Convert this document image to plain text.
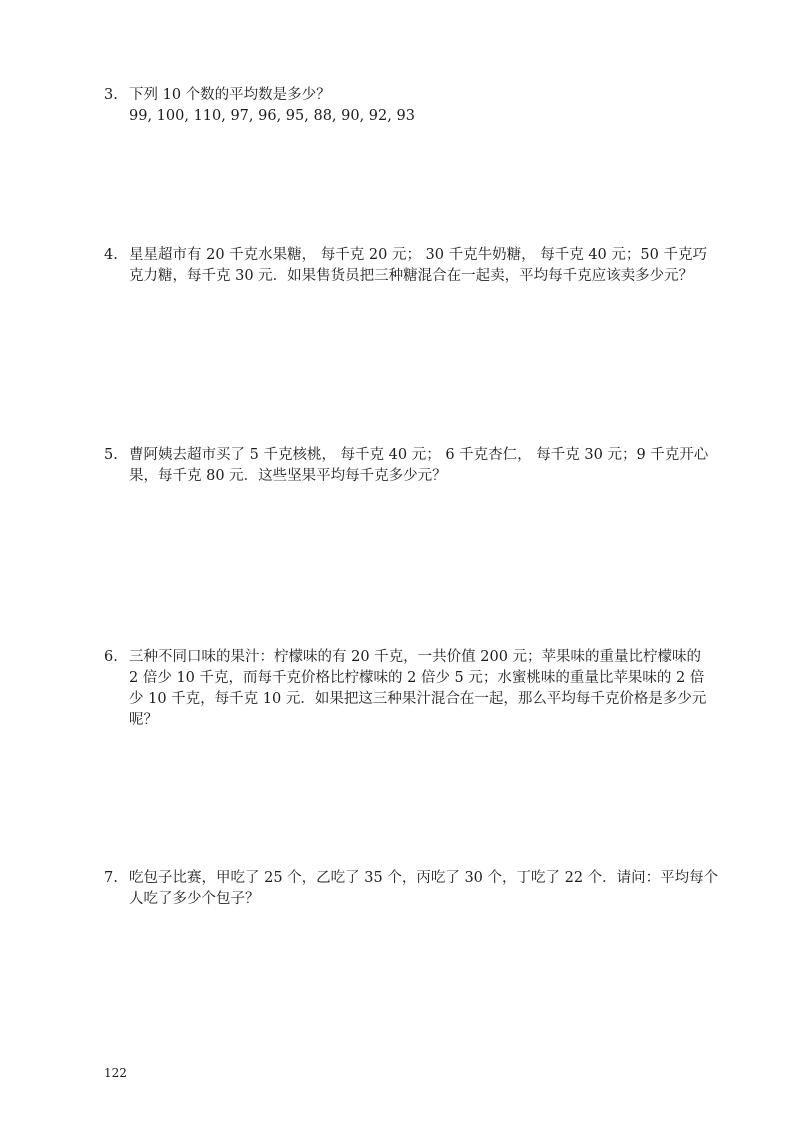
3. 下列 10 个数的平均数是多少？
99, 100, 110, 97, 96, 95, 88, 90, 92, 93
4. 星星超市有 20 千克水果糖， 每千克 20 元； 30 千克牛奶糖， 每千克 40 元；50 千克巧
克力糖，每千克 30 元．如果售货员把三种糖混合在一起卖，平均每千克应该卖多少元？
5. 曹阿姨去超市买了 5 千克核桃， 每千克 40 元； 6 千克杏仁， 每千克 30 元；9 千克开心
果，每千克 80 元．这些坚果平均每千克多少元？
6. 三种不同口味的果汁：柠檬味的有 20 千克，一共价值 200 元；苹果味的重量比柠檬味的
2 倍少 10 千克，而每千克价格比柠檬味的 2 倍少 5 元；水蜜桃味的重量比苹果味的 2 倍
少 10 千克，每千克 10 元．如果把这三种果汁混合在一起，那么平均每千克价格是多少元
呢？
7. 吃包子比赛，甲吃了 25 个，乙吃了 35 个，丙吃了 30 个，丁吃了 22 个．请问：平均每个
人吃了多少个包子？
122
